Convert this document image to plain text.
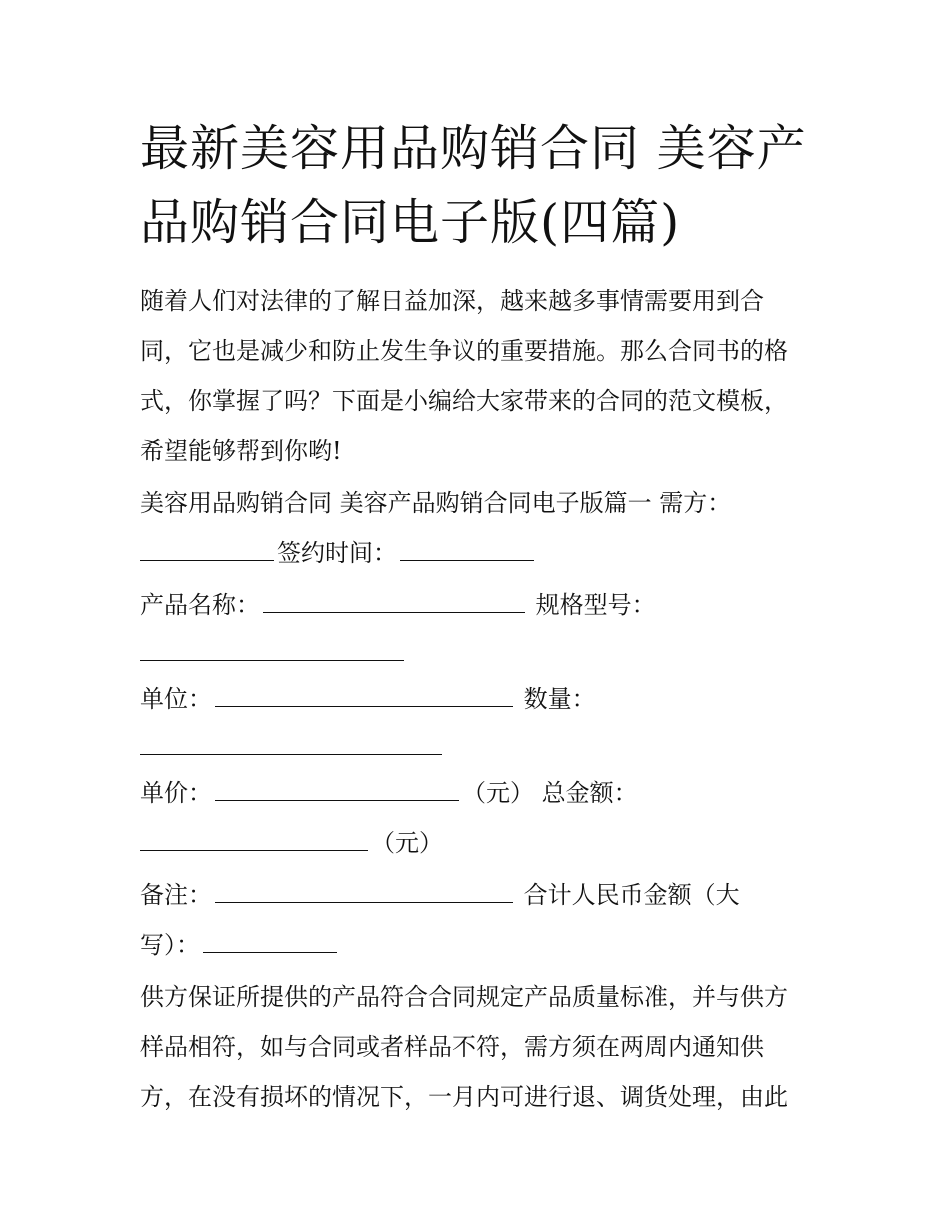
最新美容用品购销合同 美容产
品购销合同电子版(四篇)

随着人们对法律的了解日益加深，越来越多事情需要用到合

同，它也是减少和防止发生争议的重要措施。那么合同书的格

式，你掌握了吗？下面是小编给大家带来的合同的范文模板，

希望能够帮到你哟!

美容用品购销合同 美容产品购销合同电子版篇一 需方：

签约时间：

产品名称：	规格型号：

单位：	数量：

单价：	（元） 总金额：

（元）

备注：	合计人民币金额（大

写）：

供方保证所提供的产品符合合同规定产品质量标准，并与供方

样品相符，如与合同或者样品不符，需方须在两周内通知供

方，在没有损坏的情况下，一月内可进行退、调货处理，由此
